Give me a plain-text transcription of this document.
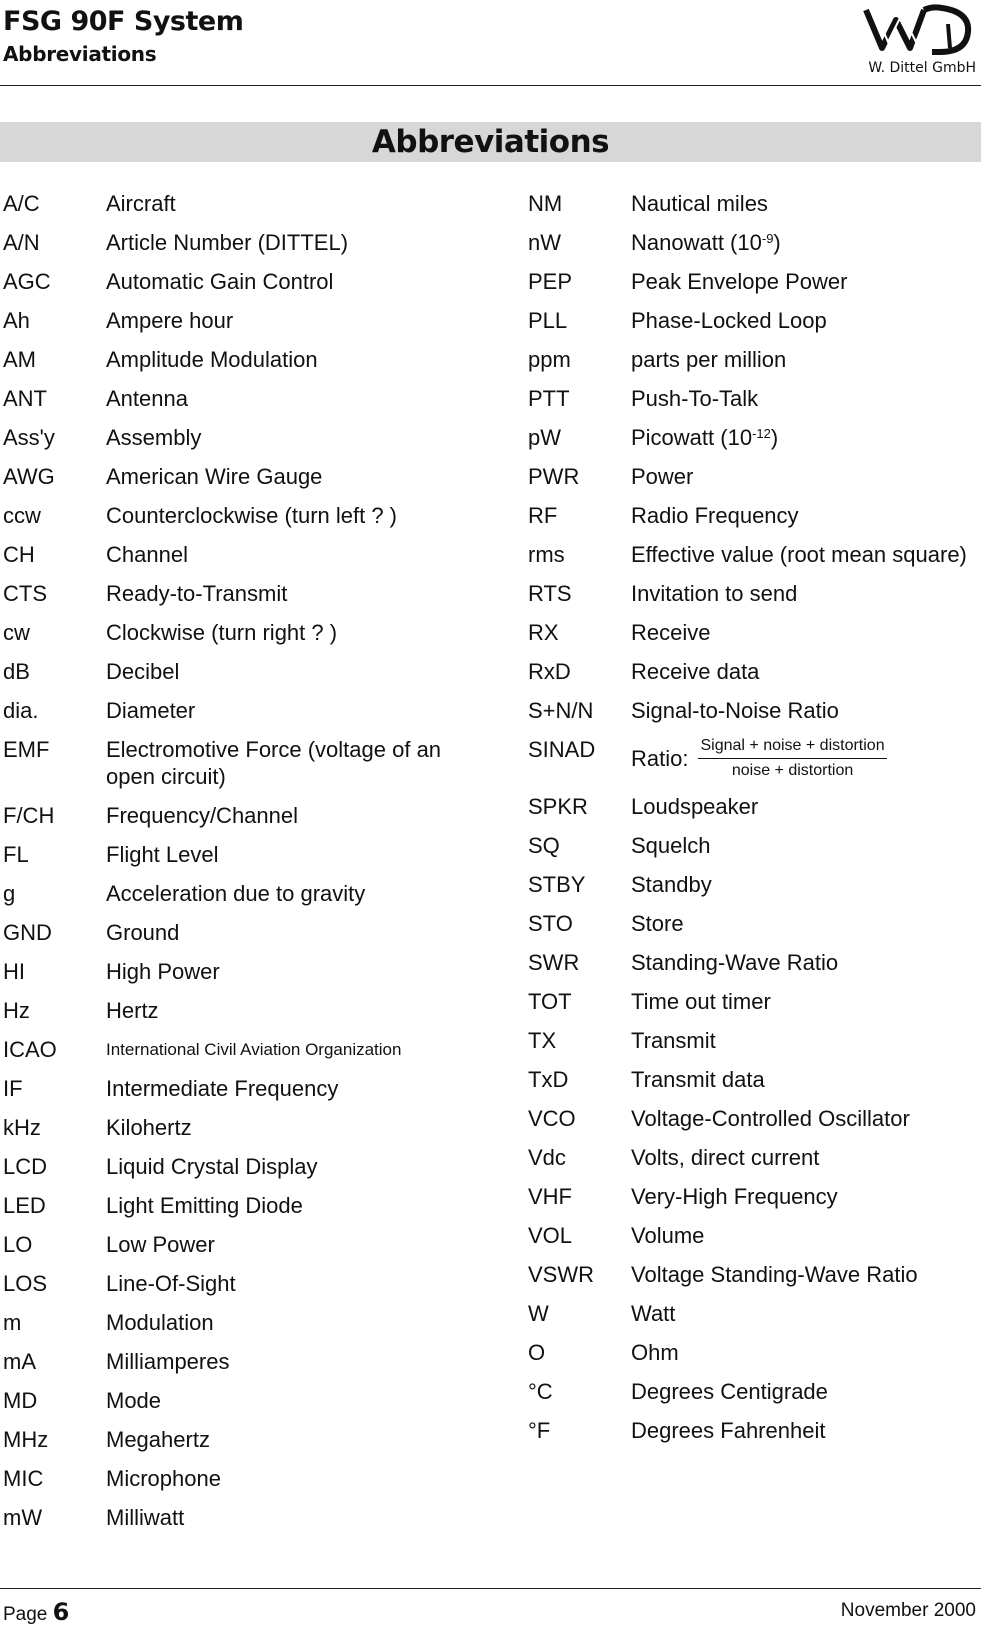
FSG 90F System
Abbreviations
W. Dittel GmbH
Abbreviations
A/C	Aircraft
A/N	Article Number (DITTEL)
AGC	Automatic Gain Control
Ah	Ampere hour
AM	Amplitude Modulation
ANT	Antenna
Ass'y	Assembly
AWG	American Wire Gauge
ccw	Counterclockwise (turn left ? )
CH	Channel
CTS	Ready-to-Transmit
cw	Clockwise (turn right ? )
dB	Decibel
dia.	Diameter
EMF	Electromotive Force (voltage of an open circuit)
F/CH	Frequency/Channel
FL	Flight Level
g	Acceleration due to gravity
GND	Ground
HI	High Power
Hz	Hertz
ICAO	International Civil Aviation Organization
IF	Intermediate Frequency
kHz	Kilohertz
LCD	Liquid Crystal Display
LED	Light Emitting Diode
LO	Low Power
LOS	Line-Of-Sight
m	Modulation
mA	Milliamperes
MD	Mode
MHz	Megahertz
MIC	Microphone
mW	Milliwatt
NM	Nautical miles
nW	Nanowatt $(10^{-9})$
PEP	Peak Envelope Power
PLL	Phase-Locked Loop
ppm	parts per million
PTT	Push-To-Talk
pW	Picowatt $(10^{-12})$
PWR	Power
RF	Radio Frequency
rms	Effective value (root mean square)
RTS	Invitation to send
RX	Receive
RxD	Receive data
S+N/N	Signal-to-Noise Ratio
SINAD	Ratio: $\frac{\text{Signal + noise + distortion}}{\text{noise + distortion}}$
SPKR	Loudspeaker
SQ	Squelch
STBY	Standby
STO	Store
SWR	Standing-Wave Ratio
TOT	Time out timer
TX	Transmit
TxD	Transmit data
VCO	Voltage-Controlled Oscillator
Vdc	Volts, direct current
VHF	Very-High Frequency
VOL	Volume
VSWR	Voltage Standing-Wave Ratio
W	Watt
O	Ohm
°C	Degrees Centigrade
°F	Degrees Fahrenheit
Page 6	November 2000
